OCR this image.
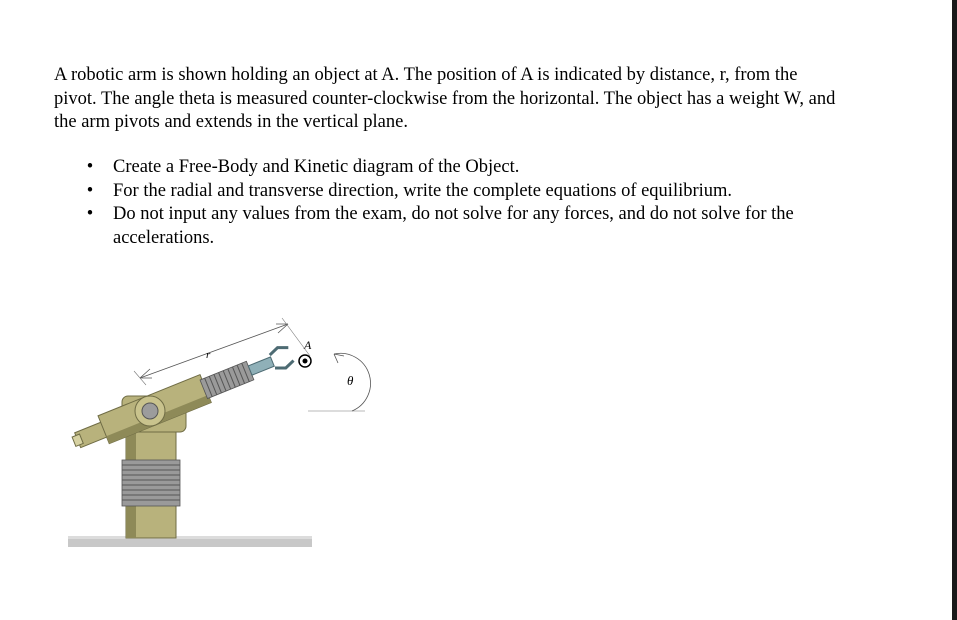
A robotic arm is shown holding an object at A. The position of A is indicated by distance, r, from the pivot. The angle theta is measured counter-clockwise from the horizontal. The object has a weight W, and the arm pivots and extends in the vertical plane.

• Create a Free-Body and Kinetic diagram of the Object.
• For the radial and transverse direction, write the complete equations of equilibrium.
• Do not input any values from the exam, do not solve for any forces, and do not solve for the accelerations.
A
r
θ
